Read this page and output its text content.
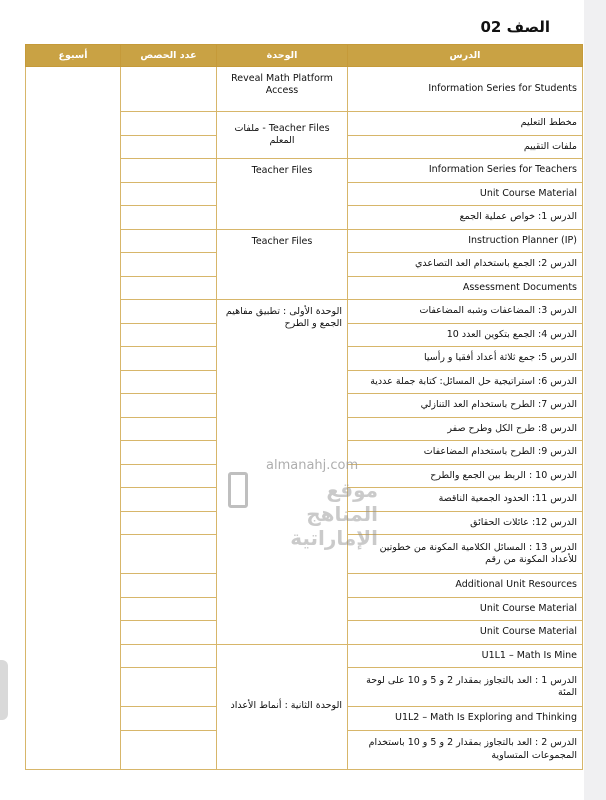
الصف 02
الدرس	الوحدة	عدد الحصص	أسبوع
Information Series for Students	Reveal Math Platform Access		
مخطط التعليم	Teacher Files - ملفات المعلم		
ملفات التقييم			
Information Series for Teachers	Teacher Files		
Unit Course Material			
الدرس 1: خواص عملية الجمع			
Instruction Planner (IP)	Teacher Files		
الدرس 2: الجمع باستخدام العد التصاعدي			
Assessment Documents			
الدرس 3: المضاعفات وشبه المضاعفات	الوحدة الأولى : تطبيق مفاهيم الجمع و الطرح		
الدرس 4: الجمع بتكوين العدد 10			
الدرس 5: جمع ثلاثة أعداد أفقيا و رأسيا			
الدرس 6: استراتيجية حل المسائل: كتابة جملة عددية			
الدرس 7: الطرح باستخدام العد التنازلي			
الدرس 8: طرح الكل وطرح صفر			
الدرس 9: الطرح باستخدام المضاعفات			
الدرس 10 : الربط بين الجمع والطرح			
الدرس 11: الحدود الجمعية الناقصة			
الدرس 12: عائلات الحقائق			
الدرس 13 : المسائل الكلامية المكونة من خطوتين للأعداد المكونة من رقم			
Additional Unit Resources			
Unit Course Material			
Unit Course Material			
U1L1 – Math Is Mine	الوحدة الثانية : أنماط الأعداد		
الدرس 1 : العد بالتجاوز بمقدار 2 و 5 و 10 على لوحة المئة			
U1L2 – Math Is Exploring and Thinking			
الدرس 2 : العد بالتجاوز بمقدار 2 و 5 و 10 باستخدام المجموعات المتساوية			
almanahj.com
موقع المناهج الإماراتية
